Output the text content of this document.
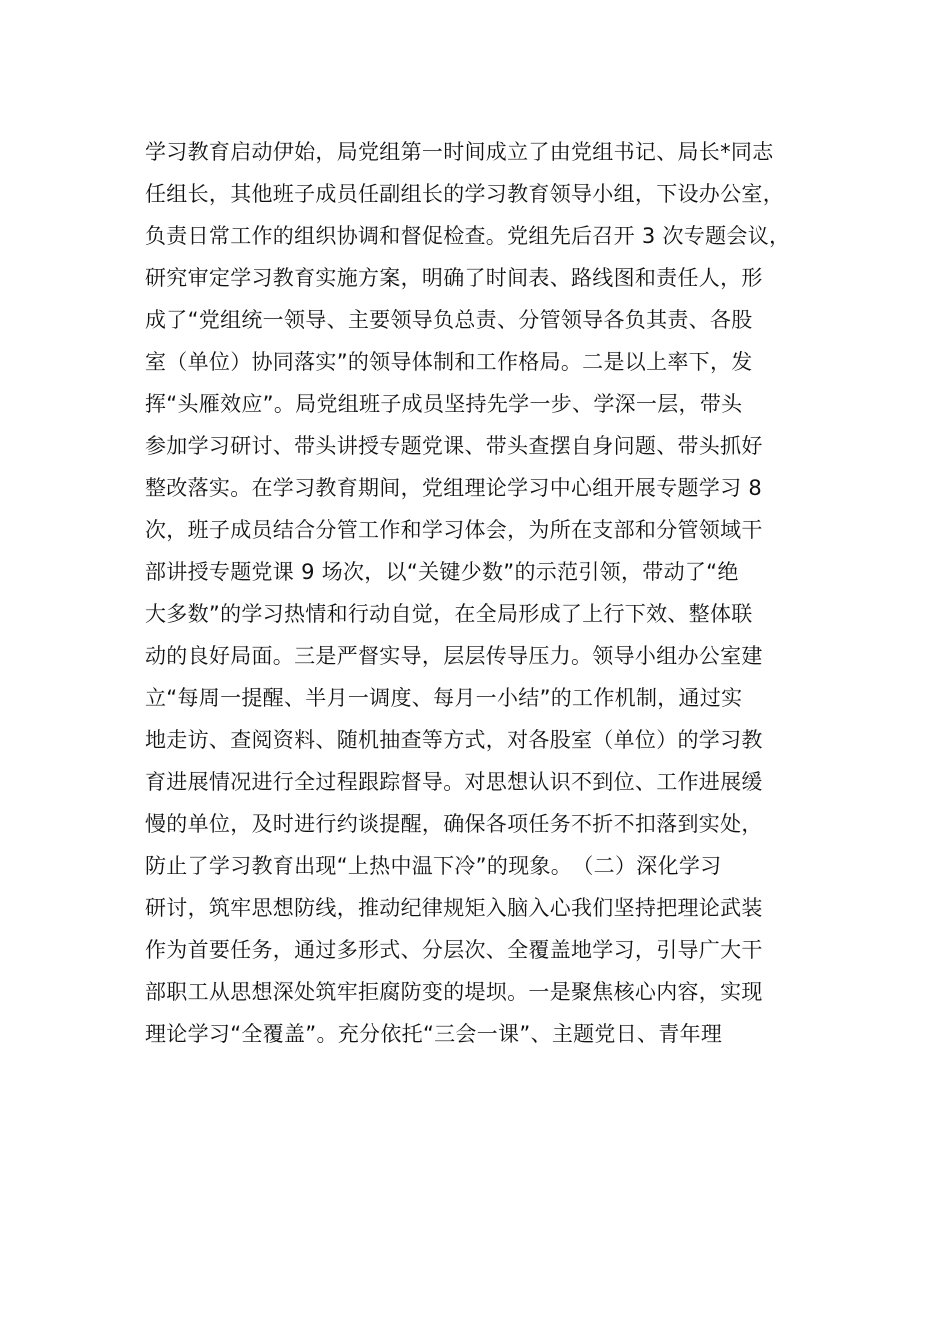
学习教育启动伊始，局党组第一时间成立了由党组书记、局长*同志
任组长，其他班子成员任副组长的学习教育领导小组，下设办公室，
负责日常工作的组织协调和督促检查。党组先后召开 3 次专题会议，
研究审定学习教育实施方案，明确了时间表、路线图和责任人，形
成了“党组统一领导、主要领导负总责、分管领导各负其责、各股
室（单位）协同落实”的领导体制和工作格局。二是以上率下，发
挥“头雁效应”。局党组班子成员坚持先学一步、学深一层，带头
参加学习研讨、带头讲授专题党课、带头查摆自身问题、带头抓好
整改落实。在学习教育期间，党组理论学习中心组开展专题学习 8
次，班子成员结合分管工作和学习体会，为所在支部和分管领域干
部讲授专题党课 9 场次，以“关键少数”的示范引领，带动了“绝
大多数”的学习热情和行动自觉，在全局形成了上行下效、整体联
动的良好局面。三是严督实导，层层传导压力。领导小组办公室建
立“每周一提醒、半月一调度、每月一小结”的工作机制，通过实
地走访、查阅资料、随机抽查等方式，对各股室（单位）的学习教
育进展情况进行全过程跟踪督导。对思想认识不到位、工作进展缓
慢的单位，及时进行约谈提醒，确保各项任务不折不扣落到实处，
防止了学习教育出现“上热中温下冷”的现象。　（二）深化学习
研讨，筑牢思想防线，推动纪律规矩入脑入心我们坚持把理论武装
作为首要任务，通过多形式、分层次、全覆盖地学习，引导广大干
部职工从思想深处筑牢拒腐防变的堤坝。一是聚焦核心内容，实现
理论学习“全覆盖”。充分依托“三会一课”、主题党日、青年理
